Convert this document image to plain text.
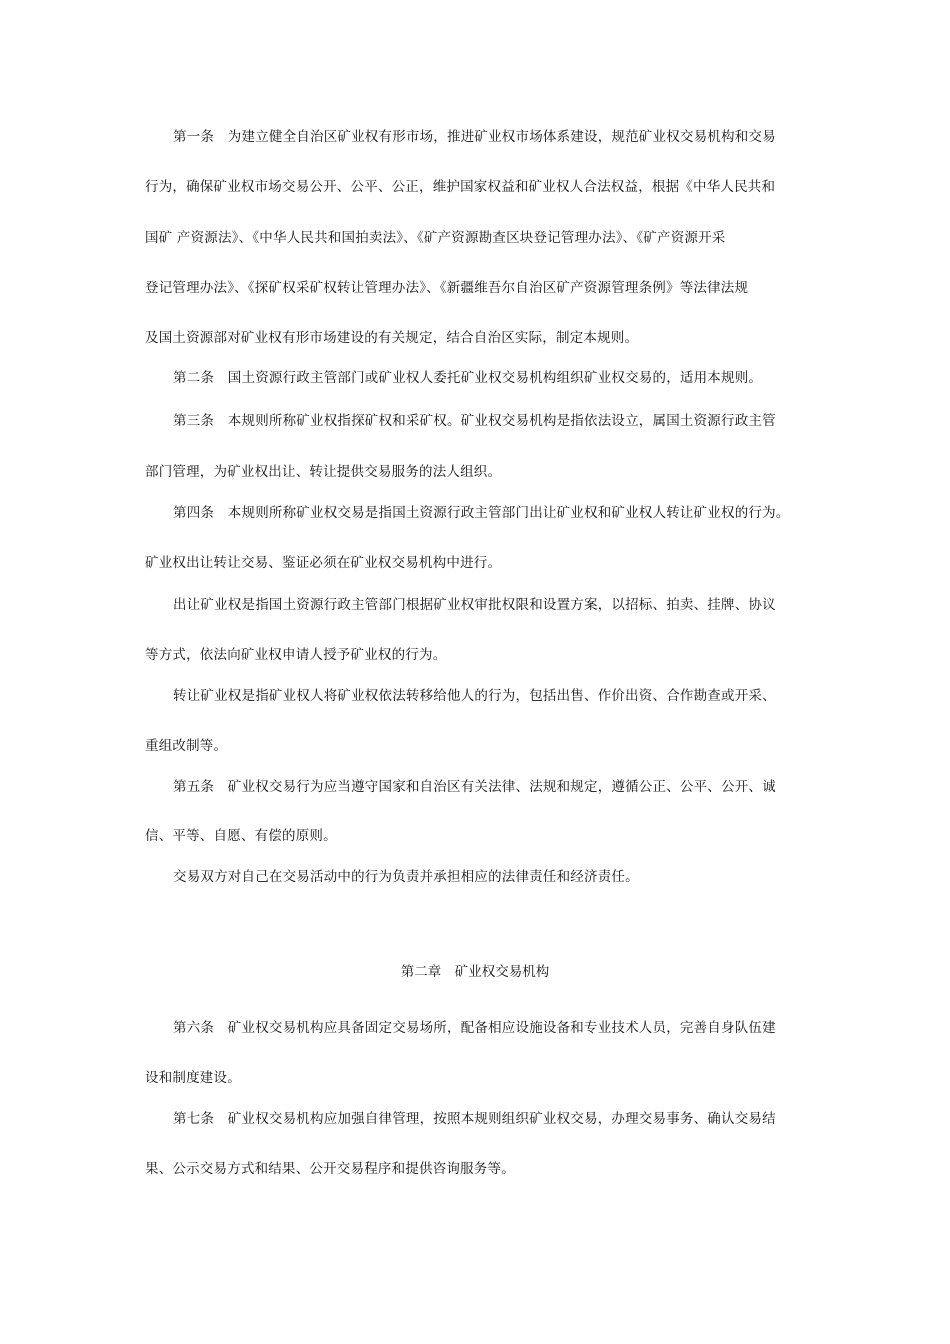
第一条　为建立健全自治区矿业权有形市场，推进矿业权市场体系建设，规范矿业权交易机构和交易
行为，确保矿业权市场交易公开、公平、公正，维护国家权益和矿业权人合法权益，根据《中华人民共和
国矿 产资源法》、《中华人民共和国拍卖法》、《矿产资源勘查区块登记管理办法》、《矿产资源开采
登记管理办法》、《探矿权采矿权转让管理办法》、《新疆维吾尔自治区矿产资源管理条例》等法律法规
及国土资源部对矿业权有形市场建设的有关规定，结合自治区实际，制定本规则。
第二条　国土资源行政主管部门或矿业权人委托矿业权交易机构组织矿业权交易的，适用本规则。
第三条　本规则所称矿业权指探矿权和采矿权。矿业权交易机构是指依法设立，属国土资源行政主管
部门管理，为矿业权出让、转让提供交易服务的法人组织。
第四条　本规则所称矿业权交易是指国土资源行政主管部门出让矿业权和矿业权人转让矿业权的行为。
矿业权出让转让交易、鉴证必须在矿业权交易机构中进行。
出让矿业权是指国土资源行政主管部门根据矿业权审批权限和设置方案，以招标、拍卖、挂牌、协议
等方式，依法向矿业权申请人授予矿业权的行为。
转让矿业权是指矿业权人将矿业权依法转移给他人的行为，包括出售、作价出资、合作勘查或开采、
重组改制等。
第五条　矿业权交易行为应当遵守国家和自治区有关法律、法规和规定，遵循公正、公平、公开、诚
信、平等、自愿、有偿的原则。
交易双方对自己在交易活动中的行为负责并承担相应的法律责任和经济责任。
第二章　矿业权交易机构
第六条　矿业权交易机构应具备固定交易场所，配备相应设施设备和专业技术人员，完善自身队伍建
设和制度建设。
第七条　矿业权交易机构应加强自律管理，按照本规则组织矿业权交易，办理交易事务、确认交易结
果、公示交易方式和结果、公开交易程序和提供咨询服务等。
